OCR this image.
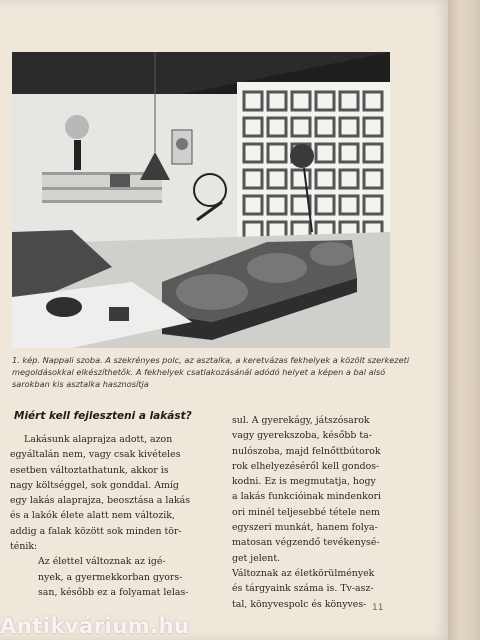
1. kép. Nappali szoba. A szekrényes polc, az asztalka, a keretvázas fekhelyek a közölt szerkezeti
megoldásokkal elkészíthetők. A fekhelyek csatlakozásánál adódó helyet a képen a bal alsó
sarokban kis asztalka hasznosítja
Miért kell fejleszteni a lakást?
Lakásunk alaprajza adott, azon
egyáltalán nem, vagy csak kivételes
esetben változtathatunk, akkor is
nagy költséggel, sok gonddal. Amíg
egy lakás alaprajza, beosztása a lakás
és a lakók élete alatt nem változik,
addig a falak között sok minden tör-
ténik:
Az élettel változnak az igé-
nyek, a gyermekkorban gyors-
san, később ez a folyamat lelas-
sul. A gyerekágy, játszósarok
vagy gyerekszoba, később ta-
nulószoba, majd felnőttbútorok
rok elhelyezéséről kell gondos-
kodni. Ez is megmutatja, hogy
a lakás funkcióinak mindenkori
ori minél teljesebbé tétele nem
egyszeri munkát, hanem folya-
matosan végzendő tevékenysé-
get jelent.
Változnak az életkörülmények
és tárgyaink száma is. Tv-asz-
tal, könyvespolc és könyves- 11
Antikvárium.hu
